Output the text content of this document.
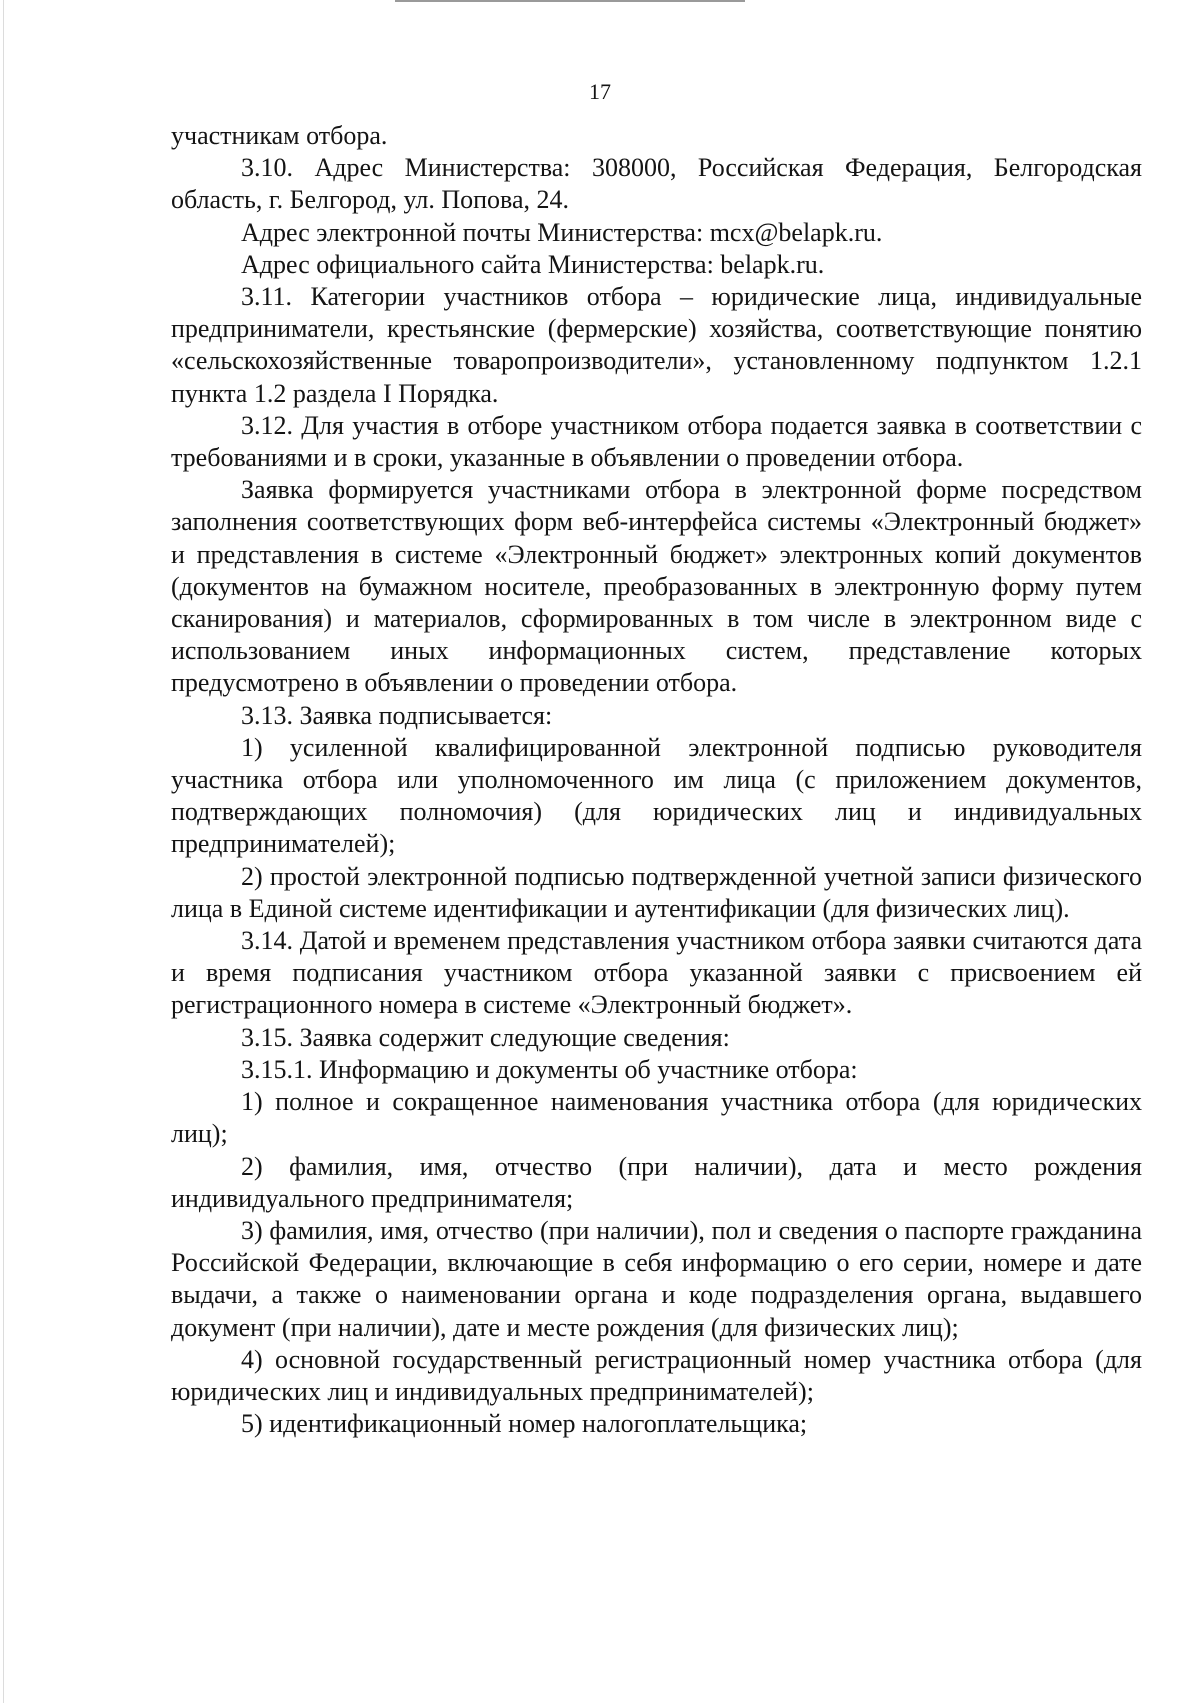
17

участникам отбора.

3.10. Адрес Министерства: 308000, Российская Федерация, Белгородская область, г. Белгород, ул. Попова, 24.

Адрес электронной почты Министерства: mcx@belapk.ru.

Адрес официального сайта Министерства: belapk.ru.

3.11. Категории участников отбора – юридические лица, индивидуальные предприниматели, крестьянские (фермерские) хозяйства, соответствующие понятию «сельскохозяйственные товаропроизводители», установленному подпунктом 1.2.1 пункта 1.2 раздела I Порядка.

3.12. Для участия в отборе участником отбора подается заявка в соответствии с требованиями и в сроки, указанные в объявлении о проведении отбора.

Заявка формируется участниками отбора в электронной форме посредством заполнения соответствующих форм веб-интерфейса системы «Электронный бюджет» и представления в системе «Электронный бюджет» электронных копий документов (документов на бумажном носителе, преобразованных в электронную форму путем сканирования) и материалов, сформированных в том числе в электронном виде с использованием иных информационных систем, представление которых предусмотрено в объявлении о проведении отбора.

3.13. Заявка подписывается:

1) усиленной квалифицированной электронной подписью руководителя участника отбора или уполномоченного им лица (с приложением документов, подтверждающих полномочия) (для юридических лиц и индивидуальных предпринимателей);

2) простой электронной подписью подтвержденной учетной записи физического лица в Единой системе идентификации и аутентификации (для физических лиц).

3.14. Датой и временем представления участником отбора заявки считаются дата и время подписания участником отбора указанной заявки с присвоением ей регистрационного номера в системе «Электронный бюджет».

3.15. Заявка содержит следующие сведения:

3.15.1. Информацию и документы об участнике отбора:

1) полное и сокращенное наименования участника отбора (для юридических лиц);

2) фамилия, имя, отчество (при наличии), дата и место рождения индивидуального предпринимателя;

3) фамилия, имя, отчество (при наличии), пол и сведения о паспорте гражданина Российской Федерации, включающие в себя информацию о его серии, номере и дате выдачи, а также о наименовании органа и коде подразделения органа, выдавшего документ (при наличии), дате и месте рождения (для физических лиц);

4) основной государственный регистрационный номер участника отбора (для юридических лиц и индивидуальных предпринимателей);

5) идентификационный номер налогоплательщика;
